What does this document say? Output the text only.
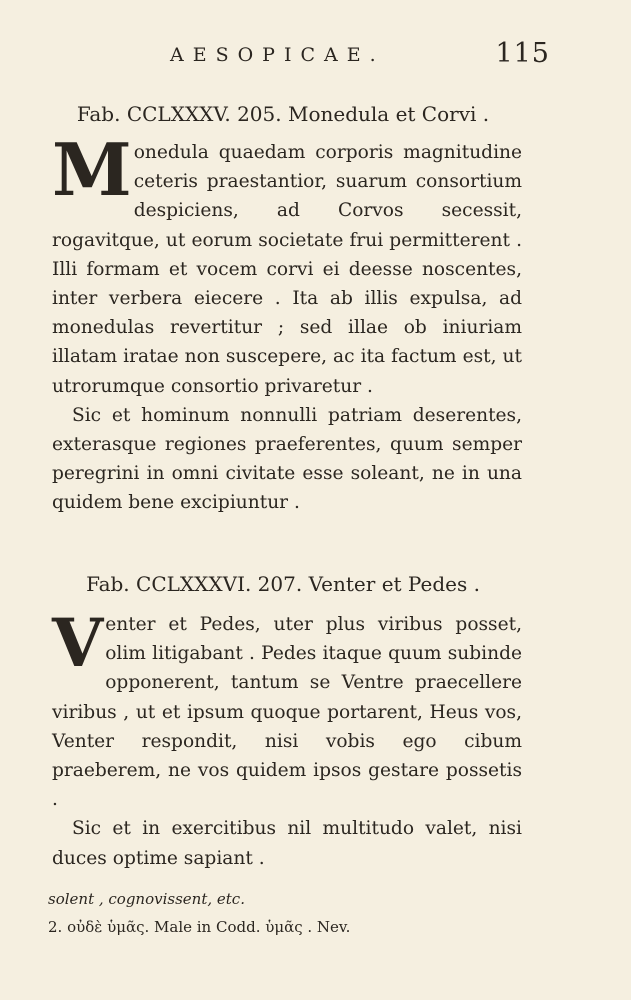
AESOPICAE.	115
Fab. CCLXXXV. 205. Monedula et Corvi .

Monedula quaedam corporis magnitudine ceteris praestantior, suarum consortium despiciens, ad Corvos secessit, rogavitque, ut eorum societate frui permitterent . Illi formam et vocem corvi ei deesse noscentes, inter verbera eiecere . Ita ab illis expulsa, ad monedulas revertitur ; sed illae ob iniuriam illatam iratae non suscepere, ac ita factum est, ut utrorumque consortio privaretur .

Sic et hominum nonnulli patriam deserentes, exterasque regiones praeferentes, quum semper peregrini in omni civitate esse soleant, ne in una quidem bene excipiuntur .

Fab. CCLXXXVI. 207. Venter et Pedes .

Venter et Pedes, uter plus viribus posset, olim litigabant . Pedes itaque quum subinde opponerent, tantum se Ventre praecellere viribus , ut et ipsum quoque portarent, Heus vos, Venter respondit, nisi vobis ego cibum praeberem, ne vos quidem ipsos gestare possetis .

Sic et in exercitibus nil multitudo valet, nisi duces optime sapiant .

solent , cognovissent, etc.
2. οὐδὲ ὑμᾶς. Male in Codd. ὑμᾶς . Nev.
